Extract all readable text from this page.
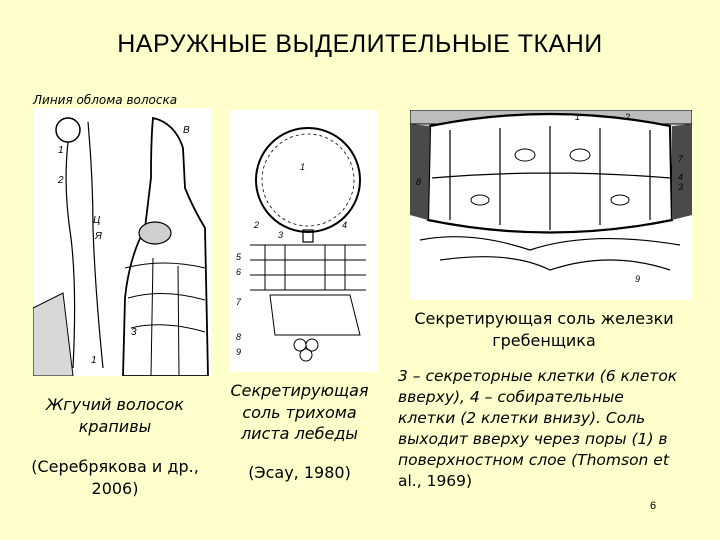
НАРУЖНЫЕ ВЫДЕЛИТЕЛЬНЫЕ ТКАНИ
Линия облома волоска
1
2
В
Ц
Я
3
1
1
2
3
4
5
6
7
8
9
1	2
8
7
4
3
9
Жгучий волосок
крапивы
(Серебрякова и др.,
2006)
Секретирующая
соль трихома
листа лебеды
(Эсау, 1980)
Секретирующая соль железки
гребенщика
3 – секреторные клетки (6 клеток
вверху), 4 – собирательные
клетки (2 клетки внизу). Соль
выходит вверху через поры (1) в
поверхностном слое (Thomson et
al., 1969)
6
